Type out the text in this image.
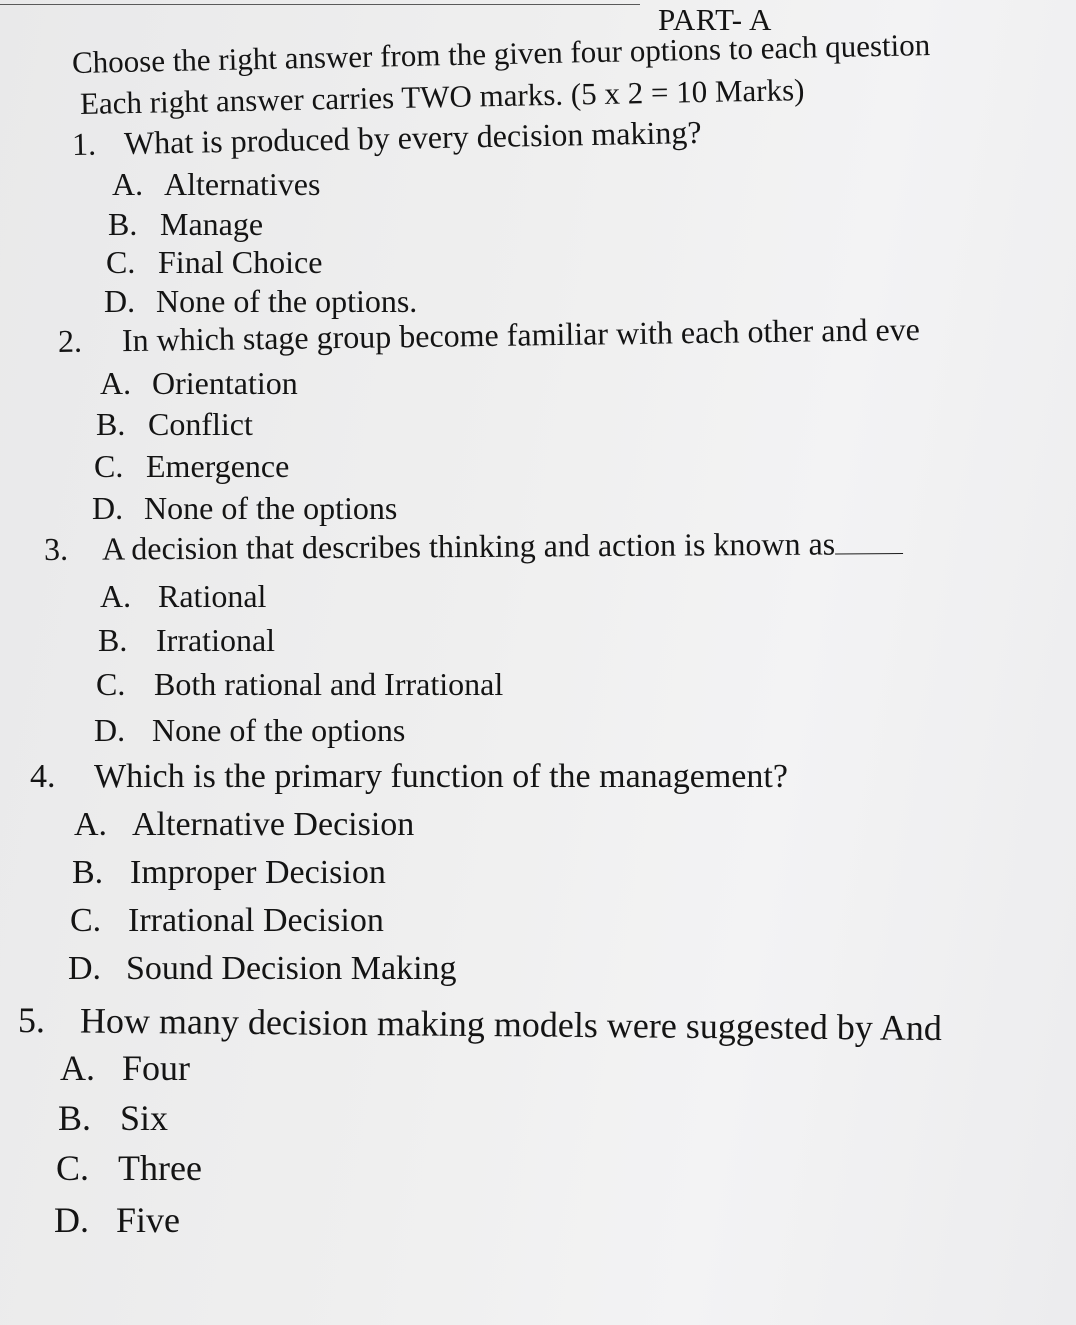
PART- A
Choose the right answer from the given four options to each question
Each right answer carries TWO marks. (5 x 2 = 10 Marks)
1. What is produced by every decision making?
A. Alternatives
B. Manage
C. Final Choice
D. None of the options.
2. In which stage group become familiar with each other and eve
A. Orientation
B. Conflict
C. Emergence
D. None of the options
3. A decision that describes thinking and action is known as
A. Rational
B. Irrational
C. Both rational and Irrational
D. None of the options
4. Which is the primary function of the management?
A. Alternative Decision
B. Improper Decision
C. Irrational Decision
D. Sound Decision Making
5. How many decision making models were suggested by And
A. Four
B. Six
C. Three
D. Five
